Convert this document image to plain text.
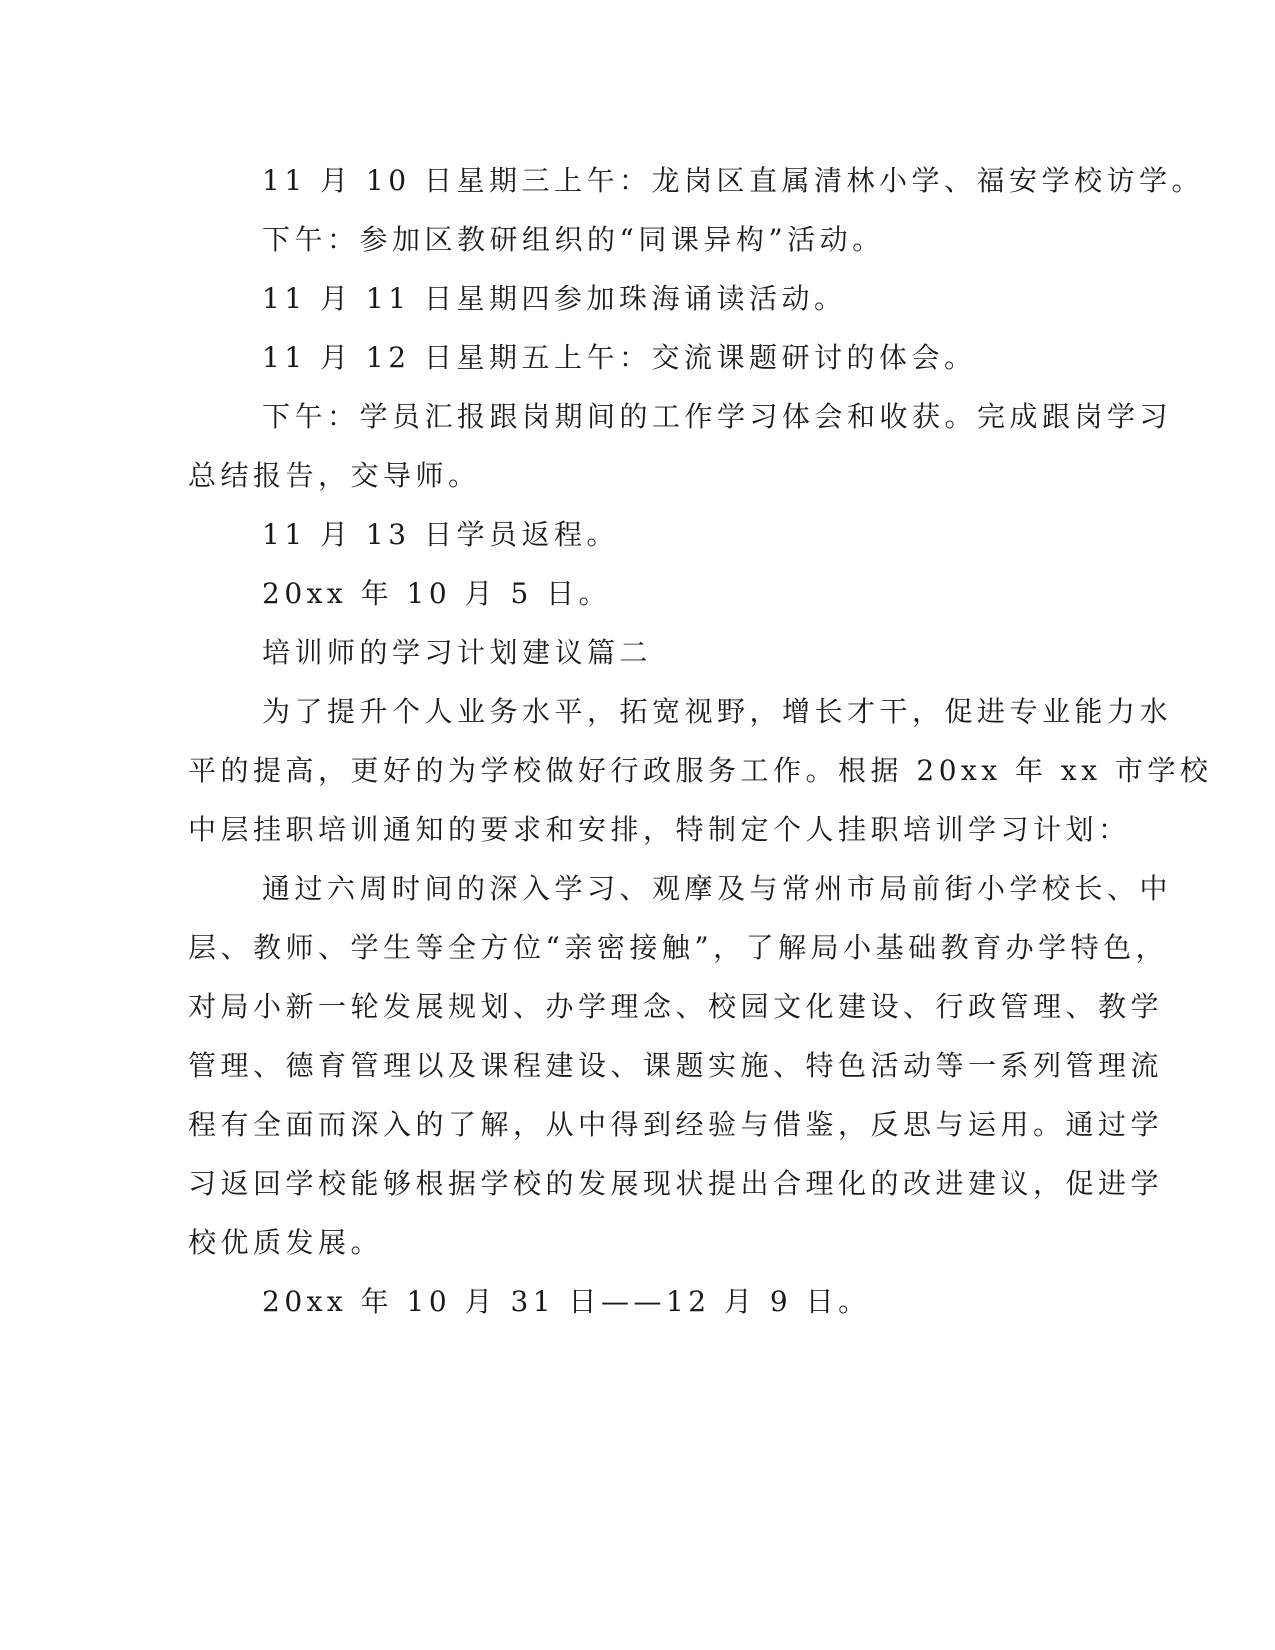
11 月 10 日星期三上午：龙岗区直属清林小学、福安学校访学。

下午：参加区教研组织的“同课异构”活动。

11 月 11 日星期四参加珠海诵读活动。

11 月 12 日星期五上午：交流课题研讨的体会。

下午：学员汇报跟岗期间的工作学习体会和收获。完成跟岗学习

总结报告，交导师。

11 月 13 日学员返程。

20xx 年 10 月 5 日。

培训师的学习计划建议篇二

为了提升个人业务水平，拓宽视野，增长才干，促进专业能力水

平的提高，更好的为学校做好行政服务工作。根据 20xx 年 xx 市学校

中层挂职培训通知的要求和安排，特制定个人挂职培训学习计划：

通过六周时间的深入学习、观摩及与常州市局前街小学校长、中

层、教师、学生等全方位“亲密接触”，了解局小基础教育办学特色，

对局小新一轮发展规划、办学理念、校园文化建设、行政管理、教学

管理、德育管理以及课程建设、课题实施、特色活动等一系列管理流

程有全面而深入的了解，从中得到经验与借鉴，反思与运用。通过学

习返回学校能够根据学校的发展现状提出合理化的改进建议，促进学

校优质发展。

20xx 年 10 月 31 日——12 月 9 日。
